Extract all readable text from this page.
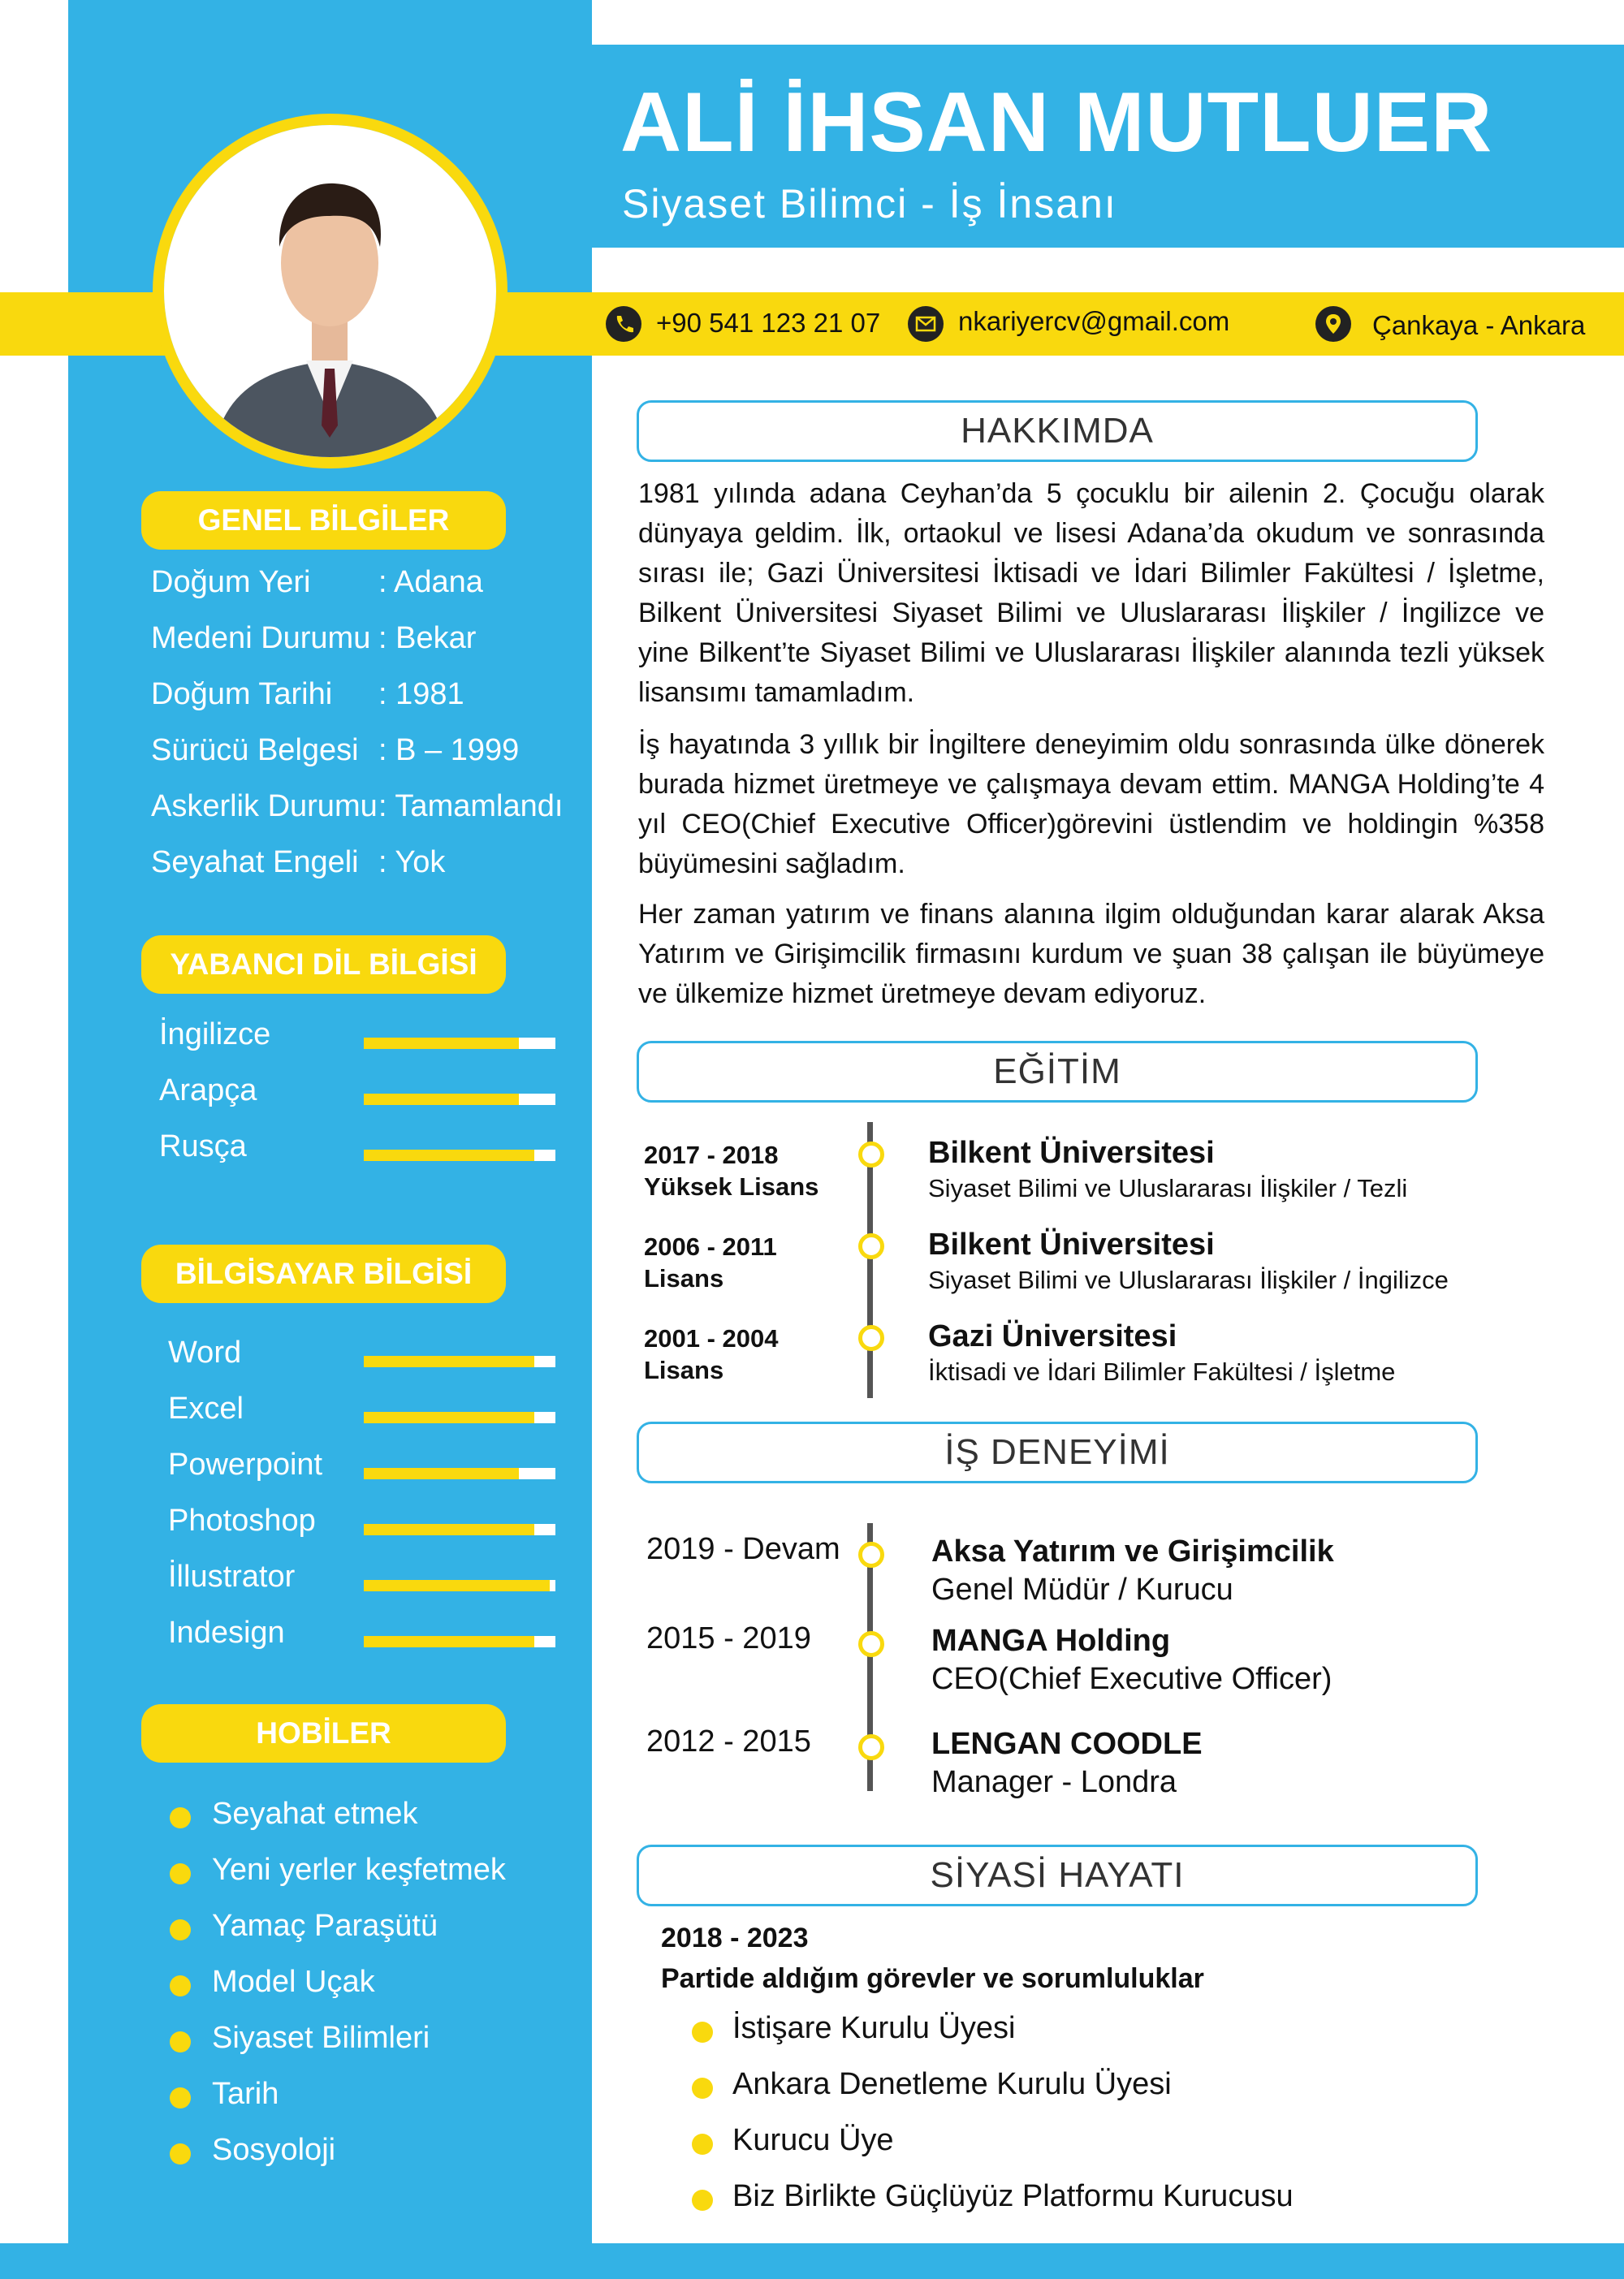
ALİ İHSAN MUTLUER
Siyaset Bilimci - İş İnsanı
+90 541 123 21 07	nkariyercv@gmail.com	Çankaya - Ankara
GENEL BİLGİLER
Doğum Yeri : Adana
Medeni Durumu : Bekar
Doğum Tarihi : 1981
Sürücü Belgesi : B – 1999
Askerlik Durumu : Tamamlandı
Seyahat Engeli : Yok
YABANCI DİL BİLGİSİ
İngilizce
Arapça
Rusça
BİLGİSAYAR BİLGİSİ
Word
Excel
Powerpoint
Photoshop
İllustrator
Indesign
HOBİLER
Seyahat etmek
Yeni yerler keşfetmek
Yamaç Paraşütü
Model Uçak
Siyaset Bilimleri
Tarih
Sosyoloji
HAKKIMDA
1981 yılında adana Ceyhan’da 5 çocuklu bir ailenin 2. Çocuğu olarak dünyaya geldim. İlk, ortaokul ve lisesi Adana’da okudum ve sonrasında sırası ile; Gazi Üniversitesi İktisadi ve İdari Bilimler Fakültesi / İşletme, Bilkent Üniversitesi Siyaset Bilimi ve Uluslararası İlişkiler / İngilizce ve yine Bilkent’te Siyaset Bilimi ve Uluslararası İlişkiler alanında tezli yüksek lisansımı tamamladım.
İş hayatında 3 yıllık bir İngiltere deneyimim oldu sonrasında ülke dönerek burada hizmet üretmeye ve çalışmaya devam ettim. MANGA Holding’te 4 yıl CEO(Chief Executive Officer)görevini üstlendim ve holdingin %358 büyümesini sağladım.
Her zaman yatırım ve finans alanına ilgim olduğundan karar alarak Aksa Yatırım ve Girişimcilik firmasını kurdum ve şuan 38 çalışan ile büyümeye ve ülkemize hizmet üretmeye devam ediyoruz.
EĞİTİM
2017 - 2018
Yüksek Lisans
Bilkent Üniversitesi
Siyaset Bilimi ve Uluslararası İlişkiler / Tezli
2006 - 2011
Lisans
Bilkent Üniversitesi
Siyaset Bilimi ve Uluslararası İlişkiler / İngilizce
2001 - 2004
Lisans
Gazi Üniversitesi
İktisadi ve İdari Bilimler Fakültesi / İşletme
İŞ DENEYİMİ
2019 - Devam	Aksa Yatırım ve Girişimcilik
Genel Müdür / Kurucu
2015 - 2019	MANGA Holding
CEO(Chief Executive Officer)
2012 - 2015	LENGAN COODLE
Manager - Londra
SİYASİ HAYATI
2018 - 2023
Partide aldığım görevler ve sorumluluklar
İstişare Kurulu Üyesi
Ankara Denetleme Kurulu Üyesi
Kurucu Üye
Biz Birlikte Güçlüyüz Platformu Kurucusu
